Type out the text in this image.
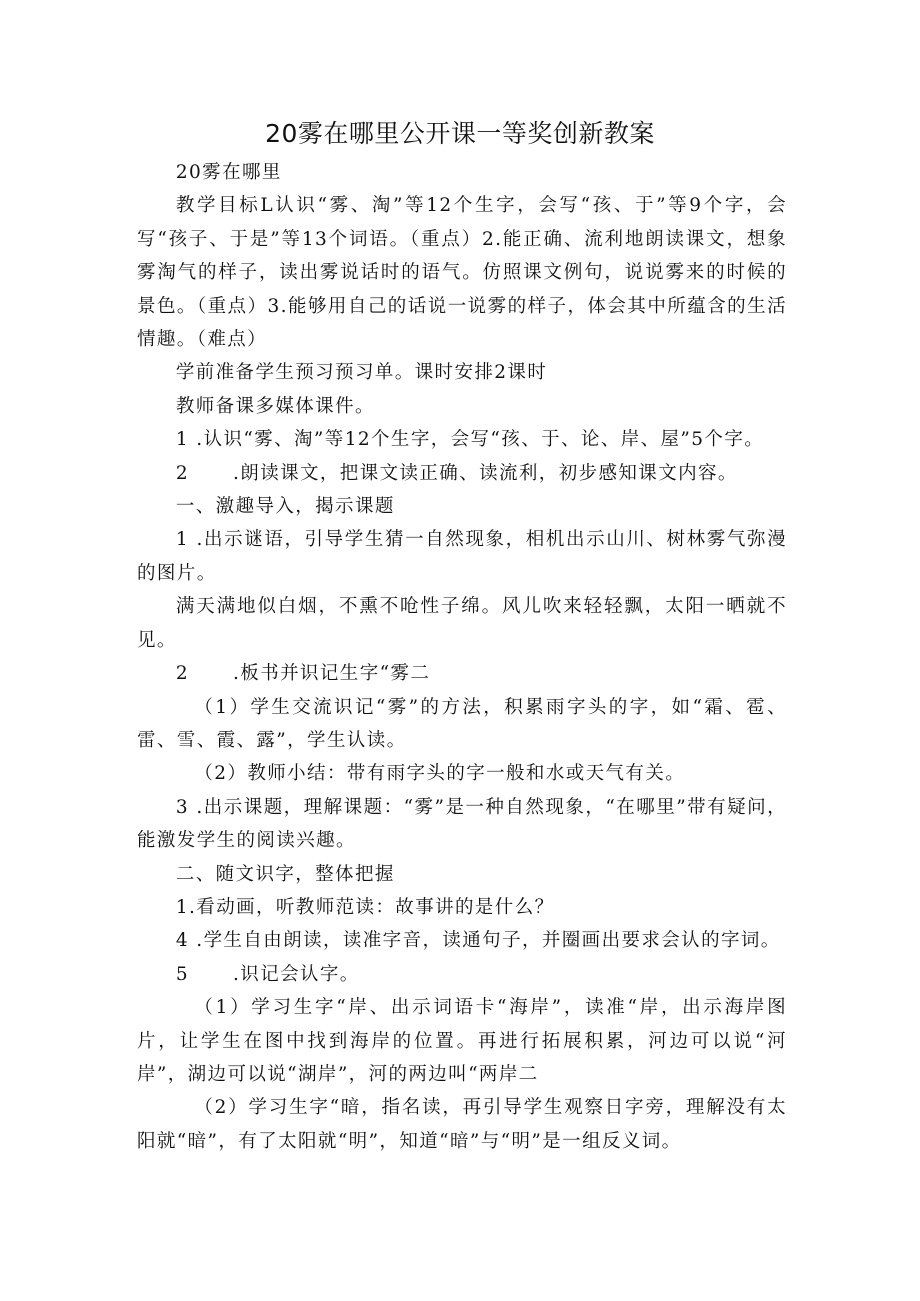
20雾在哪里公开课一等奖创新教案

20雾在哪里

教学目标L认识“雾、淘”等12个生字，会写“孩、于”等9个字，会写“孩子、于是”等13个词语。（重点）2.能正确、流利地朗读课文，想象雾淘气的样子，读出雾说话时的语气。仿照课文例句，说说雾来的时候的景色。（重点）3.能够用自己的话说一说雾的样子，体会其中所蕴含的生活情趣。（难点）

学前准备学生预习预习单。课时安排2课时

教师备课多媒体课件。

1 .认识“雾、淘”等12个生字，会写“孩、于、论、岸、屋”5个字。

2 .朗读课文，把课文读正确、读流利，初步感知课文内容。

一、激趣导入，揭示课题

1 .出示谜语，引导学生猜一自然现象，相机出示山川、树林雾气弥漫的图片。

满天满地似白烟，不熏不呛性子绵。风儿吹来轻轻飘，太阳一晒就不见。

2 .板书并识记生字“雾二

（1）学生交流识记“雾”的方法，积累雨字头的字，如“霜、雹、雷、雪、霞、露”，学生认读。

（2）教师小结：带有雨字头的字一般和水或天气有关。

3 .出示课题，理解课题：“雾”是一种自然现象，“在哪里”带有疑问，能激发学生的阅读兴趣。

二、随文识字，整体把握

1.看动画，听教师范读：故事讲的是什么？

4 .学生自由朗读，读准字音，读通句子，并圈画出要求会认的字词。

5 .识记会认字。

（1）学习生字“岸、出示词语卡“海岸”，读准“岸，出示海岸图片，让学生在图中找到海岸的位置。再进行拓展积累，河边可以说“河岸”，湖边可以说“湖岸”，河的两边叫“两岸二

（2）学习生字“暗，指名读，再引导学生观察日字旁，理解没有太阳就“暗”，有了太阳就“明”，知道“暗”与“明”是一组反义词。
